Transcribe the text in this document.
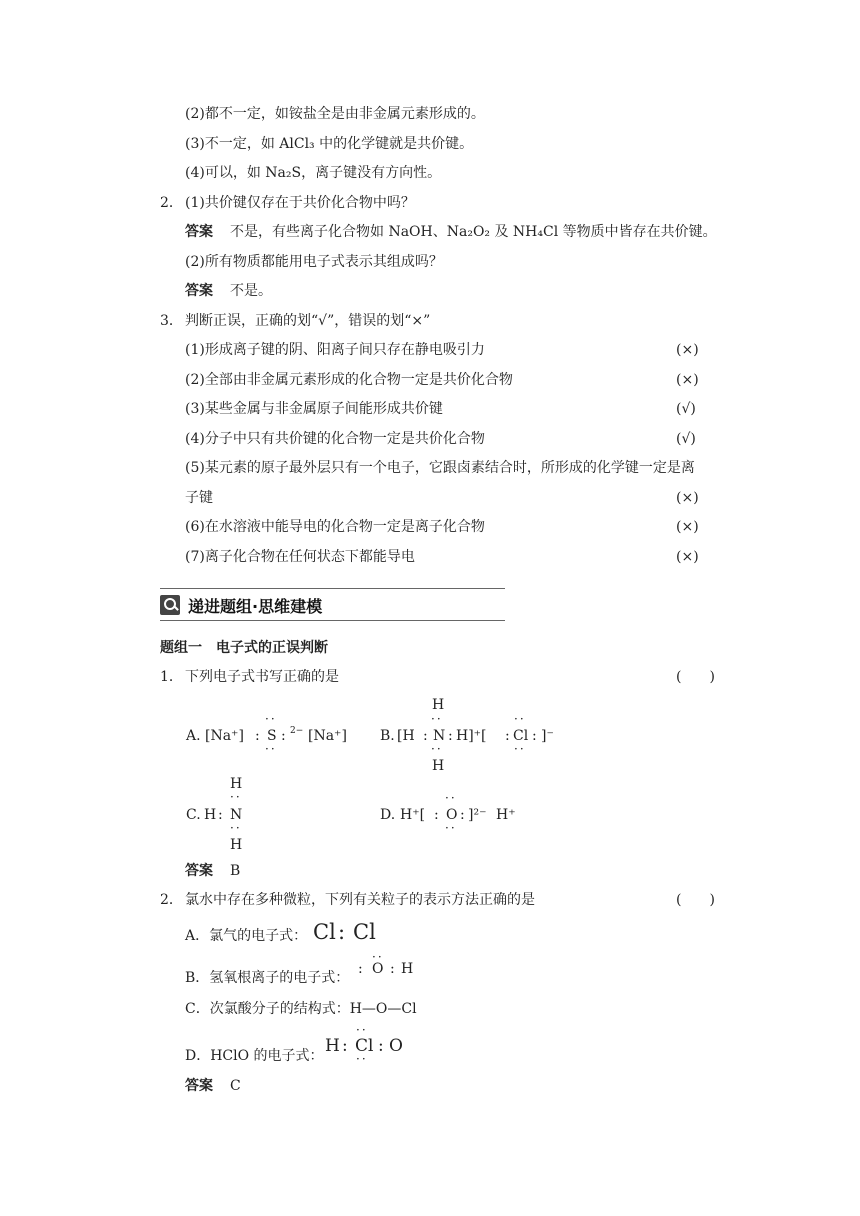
(2)都不一定，如铵盐全是由非金属元素形成的。
(3)不一定，如 AlCl₃ 中的化学键就是共价键。
(4)可以，如 Na₂S，离子键没有方向性。
2． (1)共价键仅存在于共价化合物中吗？
答案 不是，有些离子化合物如 NaOH、Na₂O₂ 及 NH₄Cl 等物质中皆存在共价键。
(2)所有物质都能用电子式表示其组成吗？
答案 不是。
3． 判断正误，正确的划“√”，错误的划“×”
(1)形成离子键的阴、阳离子间只存在静电吸引力	(×)
(2)全部由非金属元素形成的化合物一定是共价化合物	(×)
(3)某些金属与非金属原子间能形成共价键	(√)
(4)分子中只有共价键的化合物一定是共价化合物	(√)
(5)某元素的原子最外层只有一个电子，它跟卤素结合时，所形成的化学键一定是离
子键	(×)
(6)在水溶液中能导电的化合物一定是离子化合物	(×)
(7)离子化合物在任何状态下都能导电	(×)
递进题组·思维建模
题组一　电子式的正误判断
1． 下列电子式书写正确的是	(　　)
A. [Na⁺] :
··
S
··
: 2− [Na⁺]
H
B. [H :
··
N
··
: H]⁺[ :
··
Cl
··
: ]⁻
H
H
··
C. H : N
··
H
D. H⁺[ :
··
O
··
: ]²⁻ H⁺
答案 B
2． 氯水中存在多种微粒，下列有关粒子的表示方法正确的是	(　　)
A．氯气的电子式： Cl : Cl
B．氢氧根离子的电子式：
:
··
O : H
C．次氯酸分子的结构式：H—O—Cl
D．HClO 的电子式： H :
··
Cl
··
: O
答案 C
